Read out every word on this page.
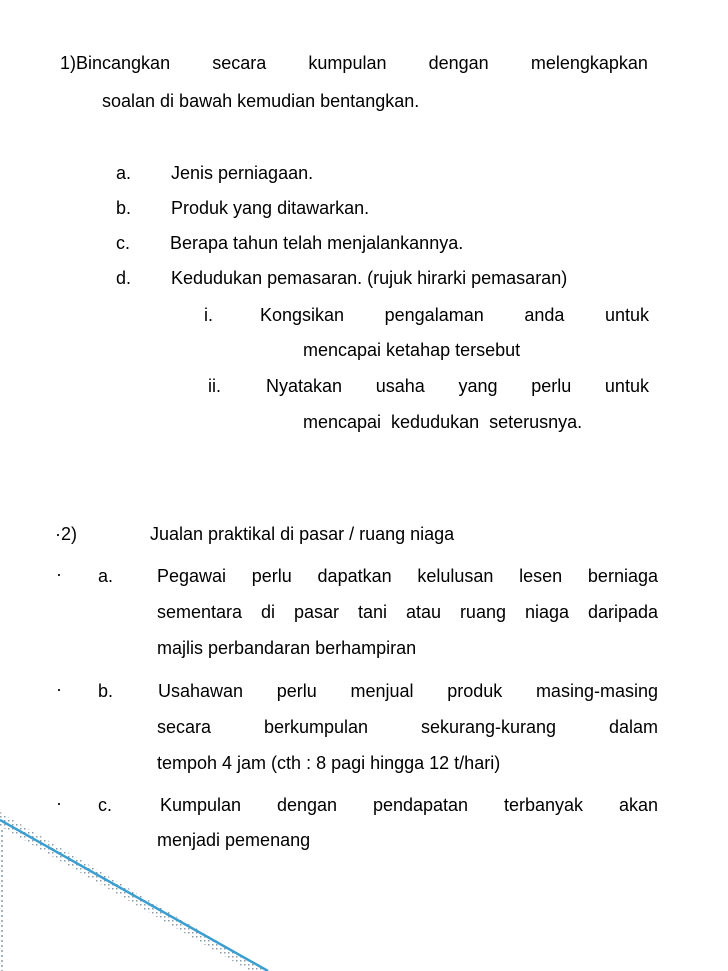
1)Bincangkan secara kumpulan dengan melengkapkan
soalan di bawah kemudian bentangkan.
a. Jenis perniagaan.
b. Produk yang ditawarkan.
c. Berapa tahun telah menjalankannya.
d. Kedudukan pemasaran. (rujuk hirarki pemasaran)
i.	Kongsikan pengalaman anda untuk
mencapai ketahap tersebut
ii.	Nyatakan usaha yang perlu untuk
mencapai  kedudukan  seterusnya.
·2)	Jualan praktikal di pasar / ruang niaga
· a. Pegawai perlu dapatkan kelulusan lesen berniaga
sementara di pasar tani atau ruang niaga daripada
majlis perbandaran berhampiran
· b. Usahawan perlu menjual produk masing-masing
secara	berkumpulan	sekurang-kurang	dalam
tempoh 4 jam (cth : 8 pagi hingga 12 t/hari)
· c.	Kumpulan dengan pendapatan terbanyak akan
menjadi pemenang
